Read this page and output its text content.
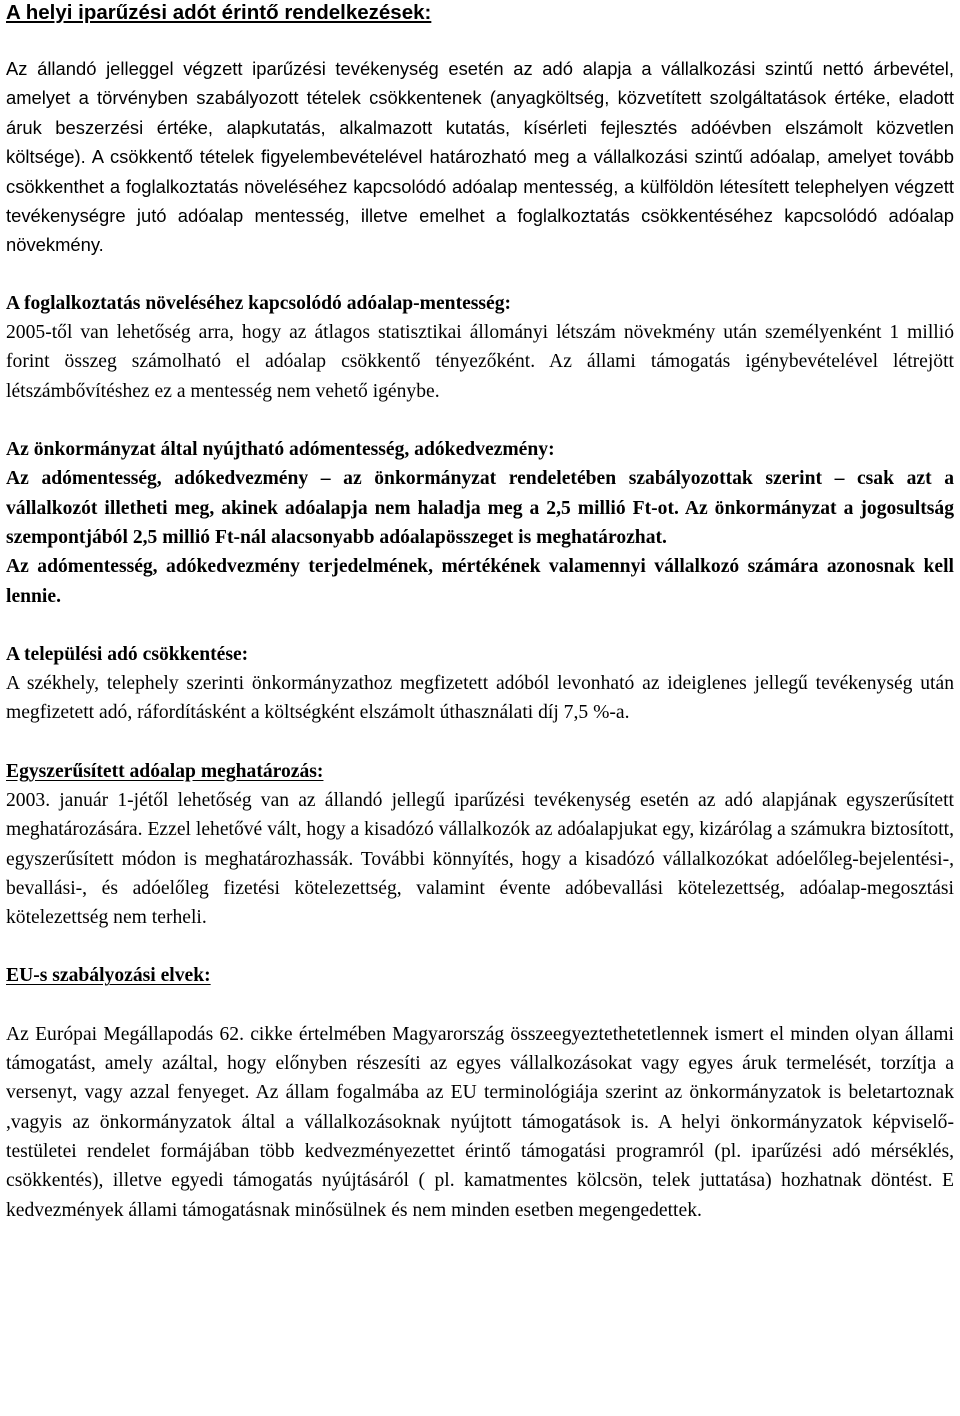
A helyi iparűzési adót érintő rendelkezések:

Az állandó jelleggel végzett iparűzési tevékenység esetén az adó alapja a vállalkozási szintű nettó árbevétel, amelyet a törvényben szabályozott tételek csökkentenek (anyagköltség, közvetített szolgáltatások értéke, eladott áruk beszerzési értéke, alapkutatás, alkalmazott kutatás, kísérleti fejlesztés adóévben elszámolt közvetlen költsége). A csökkentő tételek figyelembevételével határozható meg a vállalkozási szintű adóalap, amelyet tovább csökkenthet a foglalkoztatás növeléséhez kapcsolódó adóalap mentesség, a külföldön létesített telephelyen végzett tevékenységre jutó adóalap mentesség, illetve emelhet a foglalkoztatás csökkentéséhez kapcsolódó adóalap növekmény.

A foglalkoztatás növeléséhez kapcsolódó adóalap-mentesség:

2005-től van lehetőség arra, hogy az átlagos statisztikai állományi létszám növekmény után személyenként 1 millió forint összeg számolható el adóalap csökkentő tényezőként. Az állami támogatás igénybevételével létrejött létszámbővítéshez ez a mentesség nem vehető igénybe.

Az önkormányzat által nyújtható adómentesség, adókedvezmény:

Az adómentesség, adókedvezmény – az önkormányzat rendeletében szabályozottak szerint – csak azt a vállalkozót illetheti meg, akinek adóalapja nem haladja meg a 2,5 millió Ft-ot. Az önkormányzat a jogosultság szempontjából 2,5 millió Ft-nál alacsonyabb adóalapösszeget is meghatározhat.

Az adómentesség, adókedvezmény terjedelmének, mértékének valamennyi vállalkozó számára azonosnak kell lennie.

A települési adó csökkentése:

A székhely, telephely szerinti önkormányzathoz megfizetett adóból levonható az ideiglenes jellegű tevékenység után megfizetett adó, ráfordításként a költségként elszámolt úthasználati díj 7,5 %-a.

Egyszerűsített adóalap meghatározás:

2003. január 1-jétől lehetőség van az állandó jellegű iparűzési tevékenység esetén az adó alapjának egyszerűsített meghatározására. Ezzel lehetővé vált, hogy a kisadózó vállalkozók az adóalapjukat egy, kizárólag a számukra biztosított, egyszerűsített módon is meghatározhassák. További könnyítés, hogy a kisadózó vállalkozókat adóelőleg-bejelentési-, bevallási-, és adóelőleg fizetési kötelezettség, valamint évente adóbevallási kötelezettség, adóalap-megosztási kötelezettség nem terheli.

EU-s szabályozási elvek:

Az Európai Megállapodás 62. cikke értelmében Magyarország összeegyeztethetetlennek ismert el minden olyan állami támogatást, amely azáltal, hogy előnyben részesíti az egyes vállalkozásokat vagy egyes áruk termelését, torzítja a versenyt, vagy azzal fenyeget. Az állam fogalmába az EU terminológiája szerint az önkormányzatok is beletartoznak ,vagyis az önkormányzatok által a vállalkozásoknak nyújtott támogatások is. A helyi önkormányzatok képviselő-testületei rendelet formájában több kedvezményezettet érintő támogatási programról (pl. iparűzési adó mérséklés, csökkentés), illetve egyedi támogatás nyújtásáról ( pl. kamatmentes kölcsön, telek juttatása) hozhatnak döntést. E kedvezmények állami támogatásnak minősülnek és nem minden esetben megengedettek.
